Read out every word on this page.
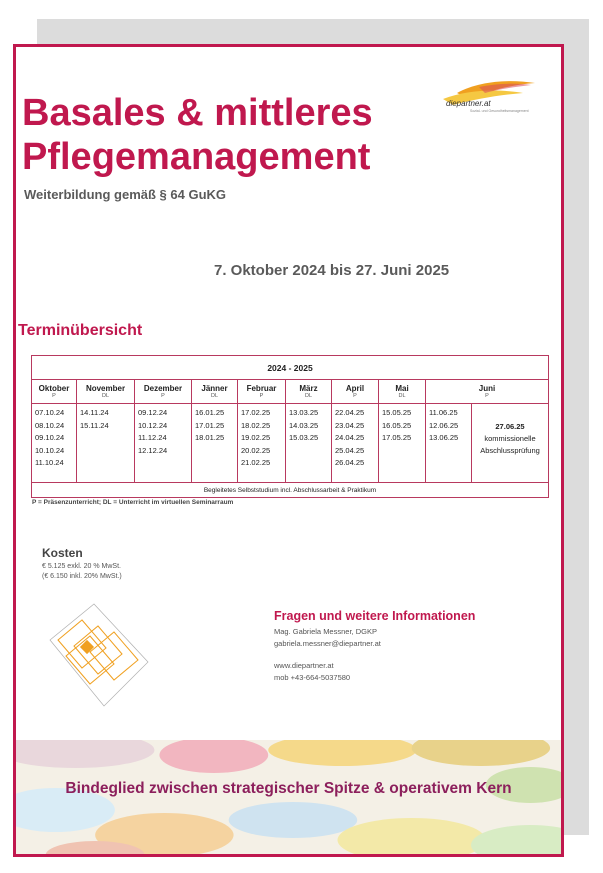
diepartner.at
Sozial- und Gesundheitsmanagement
Basales & mittleres
Pflegemanagement
Weiterbildung gemäß § 64 GuKG
7. Oktober 2024 bis 27. Juni 2025
Terminübersicht
2024 - 2025
Oktober
P
07.10.24
08.10.24
09.10.24
10.10.24
11.10.24
November
DL
14.11.24
15.11.24
Dezember
P
09.12.24
10.12.24
11.12.24
12.12.24
Jänner
DL
16.01.25
17.01.25
18.01.25
Februar
P
17.02.25
18.02.25
19.02.25
20.02.25
21.02.25
März
DL
13.03.25
14.03.25
15.03.25
April
P
22.04.25
23.04.25
24.04.25
25.04.25
26.04.25
Mai
DL
15.05.25
16.05.25
17.05.25
Juni
P
11.06.25
12.06.25
13.06.25
27.06.25
kommissionelle
Abschlussprüfung
Begleitetes Selbststudium incl. Abschlussarbeit & Praktikum
P = Präsenzunterricht; DL = Unterricht im virtuellen Seminarraum
Kosten
€ 5.125 exkl. 20 % MwSt.
(€ 6.150 inkl. 20% MwSt.)
Fragen und weitere Informationen
Mag. Gabriela Messner, DGKP
gabriela.messner@diepartner.at
www.diepartner.at
mob +43-664-5037580
Bindeglied zwischen strategischer Spitze & operativem Kern
